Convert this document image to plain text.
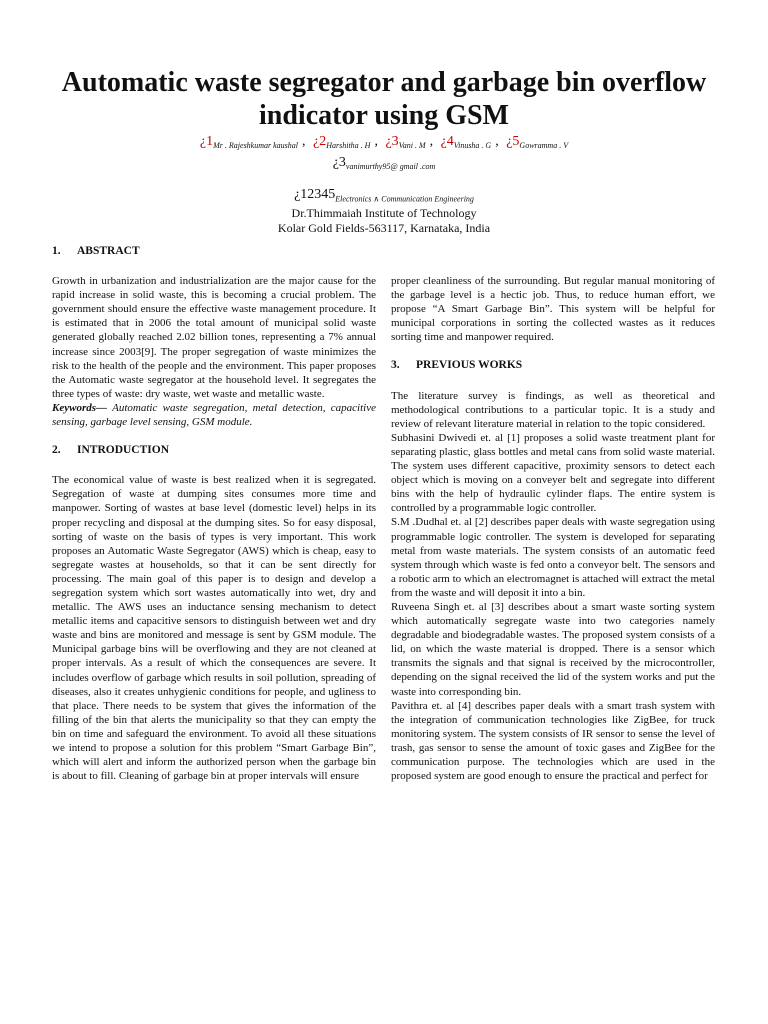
Automatic waste segregator and garbage bin overflow indicator using GSM
¿$1_{Mr . Rajeshkumar kaushal}$ , ¿$2_{Harshitha . H}$ , ¿$3_{Vani . M}$ , ¿$4_{Vinusha . G}$ , ¿$5_{Gowramma . V}$
¿$3_{vanimurthy95@ gmail .com}$
¿$12345_{Electronics \wedge Communication Engineering}$
Dr.Thimmaiah Institute of Technology
Kolar Gold Fields-563117, Karnataka, India

1. ABSTRACT

Growth in urbanization and industrialization are the major cause for the rapid increase in solid waste, this is becoming a crucial problem. The government should ensure the effective waste management procedure. It is estimated that in 2006 the total amount of municipal solid waste generated globally reached 2.02 billion tones, representing a 7% annual increase since 2003[9]. The proper segregation of waste minimizes the risk to the health of the people and the environment. This paper proposes the Automatic waste segregator at the household level. It segregates the three types of waste: dry waste, wet waste and metallic waste.

Keywords— Automatic waste segregation, metal detection, capacitive sensing, garbage level sensing, GSM module.

2. INTRODUCTION

The economical value of waste is best realized when it is segregated. Segregation of waste at dumping sites consumes more time and manpower. Sorting of wastes at base level (domestic level) helps in its proper recycling and disposal at the dumping sites. So for easy disposal, sorting of waste on the basis of types is very important. This work proposes an Automatic Waste Segregator (AWS) which is cheap, easy to segregate wastes at households, so that it can be sent directly for processing. The main goal of this paper is to design and develop a segregation system which sort wastes automatically into wet, dry and metallic. The AWS uses an inductance sensing mechanism to detect metallic items and capacitive sensors to distinguish between wet and dry waste and bins are monitored and message is sent by GSM module. The Municipal garbage bins will be overflowing and they are not cleaned at proper intervals. As a result of which the consequences are severe. It includes overflow of garbage which results in soil pollution, spreading of diseases, also it creates unhygienic conditions for people, and ugliness to that place. There needs to be system that gives the information of the filling of the bin that alerts the municipality so that they can empty the bin on time and safeguard the environment. To avoid all these situations we intend to propose a solution for this problem “Smart Garbage Bin”, which will alert and inform the authorized person when the garbage bin is about to fill. Cleaning of garbage bin at proper intervals will ensure

proper cleanliness of the surrounding. But regular manual monitoring of the garbage level is a hectic job. Thus, to reduce human effort, we propose “A Smart Garbage Bin”. This system will be helpful for municipal corporations in sorting the collected wastes as it reduces sorting time and manpower required.

3. PREVIOUS WORKS

The literature survey is findings, as well as theoretical and methodological contributions to a particular topic. It is a study and review of relevant literature material in relation to the topic considered.

Subhasini Dwivedi et. al [1] proposes a solid waste treatment plant for separating plastic, glass bottles and metal cans from solid waste material. The system uses different capacitive, proximity sensors to detect each object which is moving on a conveyer belt and segregate into different bins with the help of hydraulic cylinder flaps. The entire system is controlled by a programmable logic controller.

S.M .Dudhal et. al [2] describes paper deals with waste segregation using programmable logic controller. The system is developed for separating metal from waste materials. The system consists of an automatic feed system through which waste is fed onto a conveyor belt. The sensors and a robotic arm to which an electromagnet is attached will extract the metal from the waste and will deposit it into a bin.

Ruveena Singh et. al [3] describes about a smart waste sorting system which automatically segregate waste into two categories namely degradable and biodegradable wastes. The proposed system consists of a lid, on which the waste material is dropped. There is a sensor which transmits the signals and that signal is received by the microcontroller, depending on the signal received the lid of the system works and put the waste into corresponding bin.

Pavithra et. al [4] describes paper deals with a smart trash system with the integration of communication technologies like ZigBee, for truck monitoring system. The system consists of IR sensor to sense the level of trash, gas sensor to sense the amount of toxic gases and ZigBee for the communication purpose. The technologies which are used in the proposed system are good enough to ensure the practical and perfect for
